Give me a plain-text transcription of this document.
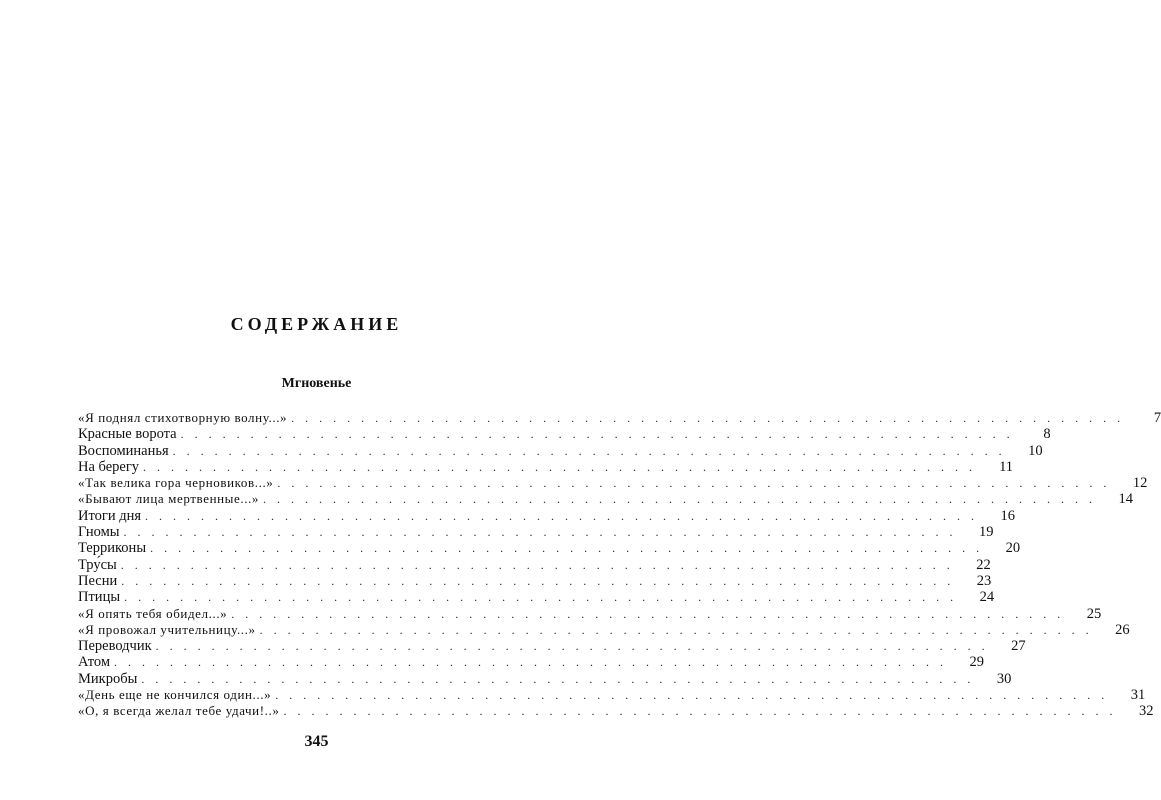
СОДЕРЖАНИЕ
Мгновенье
«Я поднял стихотворную волну...» ............................................................	7
Красные ворота ............................................................	8
Воспоминанья ............................................................	10
На берегу ............................................................	11
«Так велика гора черновиков...» ............................................................	12
«Бывают лица мертвенные...» ............................................................	14
Итоги дня ............................................................	16
Гномы ............................................................	19
Терриконы ............................................................	20
Тру́сы ............................................................	22
Песни ............................................................	23
Птицы ............................................................	24
«Я опять тебя обидел...» ............................................................	25
«Я провожал учительницу...» ............................................................	26
Переводчик ............................................................	27
Атом ............................................................	29
Микробы ............................................................	30
«День еще не кончился один...» ............................................................	31
«О, я всегда желал тебе удачи!..» ............................................................	32
345
